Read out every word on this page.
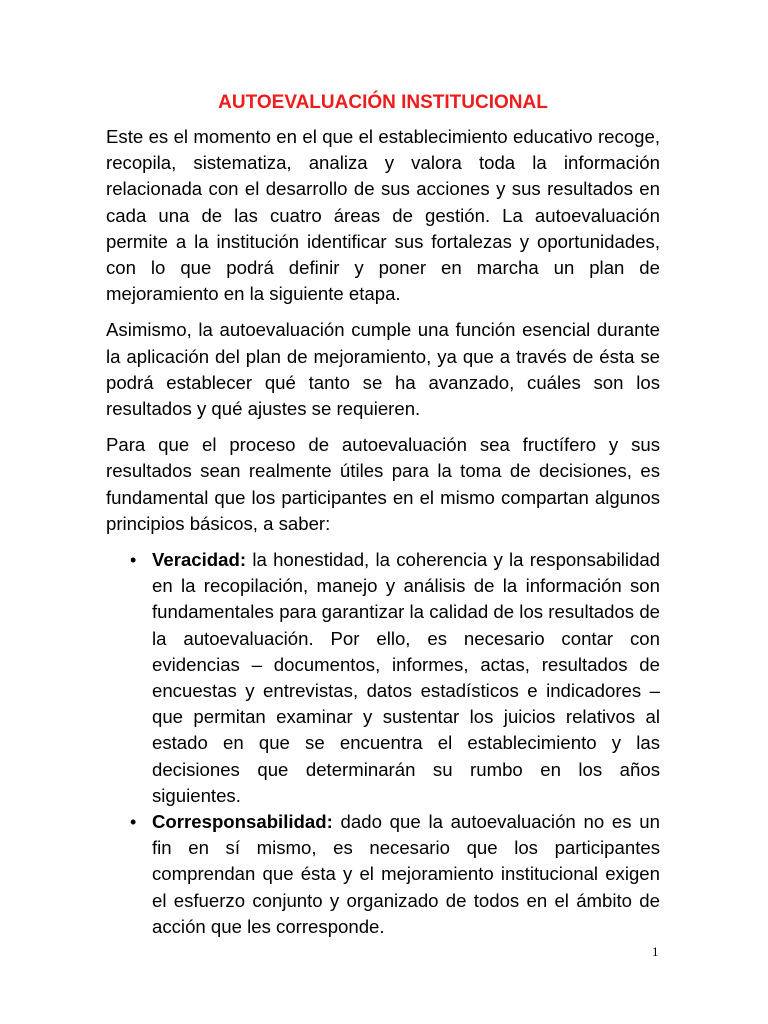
AUTOEVALUACIÓN INSTITUCIONAL

Este es el momento en el que el establecimiento educativo recoge, recopila, sistematiza, analiza y valora toda la información relacionada con el desarrollo de sus acciones y sus resultados en cada una de las cuatro áreas de gestión. La autoevaluación permite a la institución identificar sus fortalezas y oportunidades, con lo que podrá definir y poner en marcha un plan de mejoramiento en la siguiente etapa.

Asimismo, la autoevaluación cumple una función esencial durante la aplicación del plan de mejoramiento, ya que a través de ésta se podrá establecer qué tanto se ha avanzado, cuáles son los resultados y qué ajustes se requieren.

Para que el proceso de autoevaluación sea fructífero y sus resultados sean realmente útiles para la toma de decisiones, es fundamental que los participantes en el mismo compartan algunos principios básicos, a saber:

• Veracidad: la honestidad, la coherencia y la responsabilidad en la recopilación, manejo y análisis de la información son fundamentales para garantizar la calidad de los resultados de la autoevaluación. Por ello, es necesario contar con evidencias – documentos, informes, actas, resultados de encuestas y entrevistas, datos estadísticos e indicadores – que permitan examinar y sustentar los juicios relativos al estado en que se encuentra el establecimiento y las decisiones que determinarán su rumbo en los años siguientes.
• Corresponsabilidad: dado que la autoevaluación no es un fin en sí mismo, es necesario que los participantes comprendan que ésta y el mejoramiento institucional exigen el esfuerzo conjunto y organizado de todos en el ámbito de acción que les corresponde.
1
